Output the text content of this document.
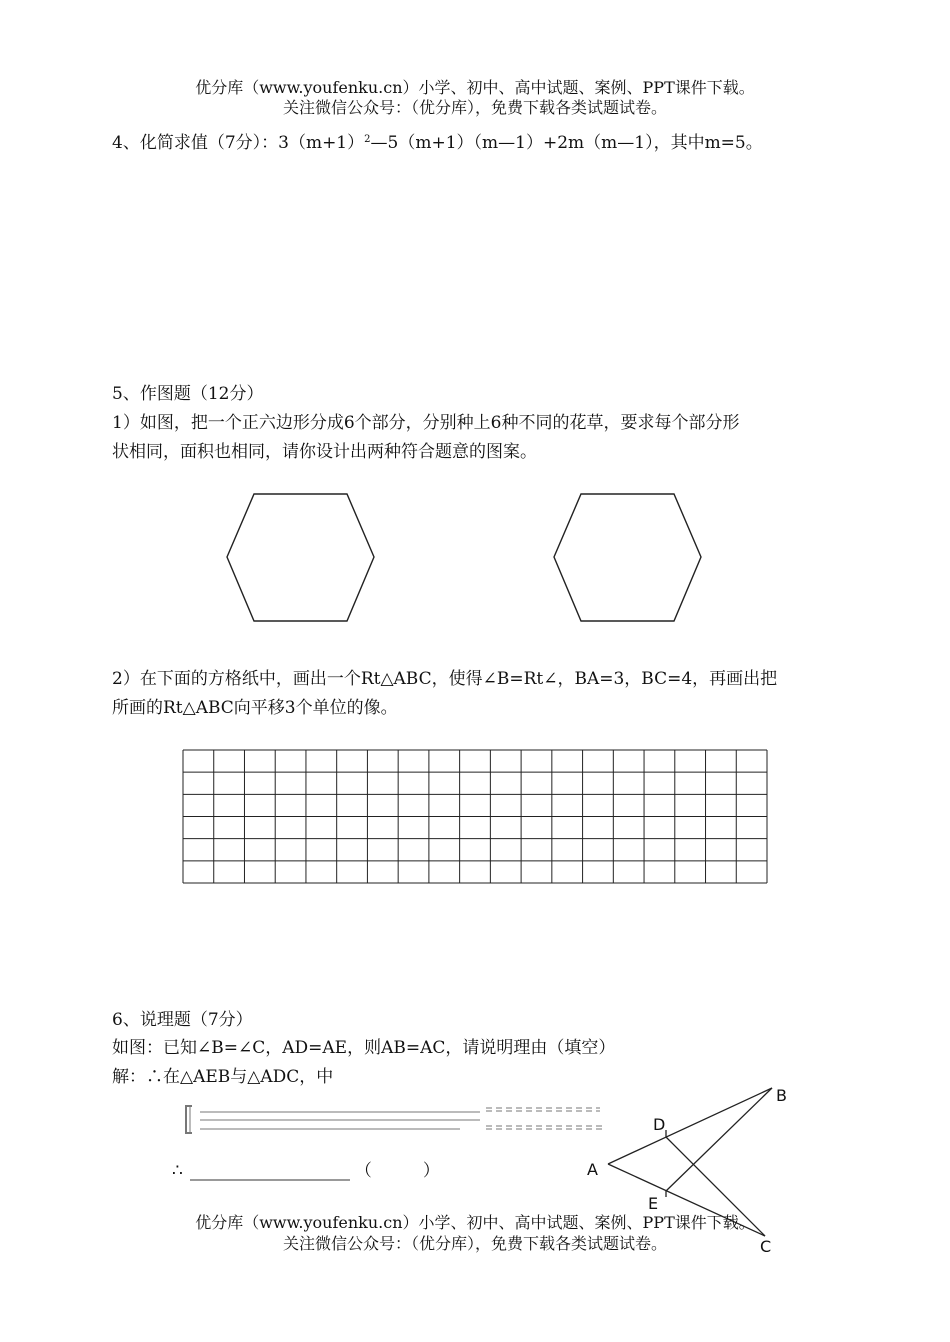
优分库（www.youfenku.cn）小学、初中、高中试题、案例、PPT课件下载。
关注微信公众号：（优分库），免费下载各类试题试卷。
4、化简求值（7分）：$3(m+1)^2—5(m+1)(m—1)+2m(m—1)$，其中m=5。
5、作图题（12分）
1）如图，把一个正六边形分成6个部分，分别种上6种不同的花草，要求每个部分形
状相同，面积也相同，请你设计出两种符合题意的图案。
2）在下面的方格纸中，画出一个Rt△ABC，使得∠B=Rt∠，BA=3，BC=4，再画出把
所画的Rt△ABC向平移3个单位的像。
6、说理题（7分）
如图：已知∠B=∠C，AD=AE，则AB=AC，请说明理由（填空）
解：∴在△AEB与△ADC，中
∴	（　　　）	A
B
C
D
E
优分库（www.youfenku.cn）小学、初中、高中试题、案例、PPT课件下载。
关注微信公众号：（优分库），免费下载各类试题试卷。
